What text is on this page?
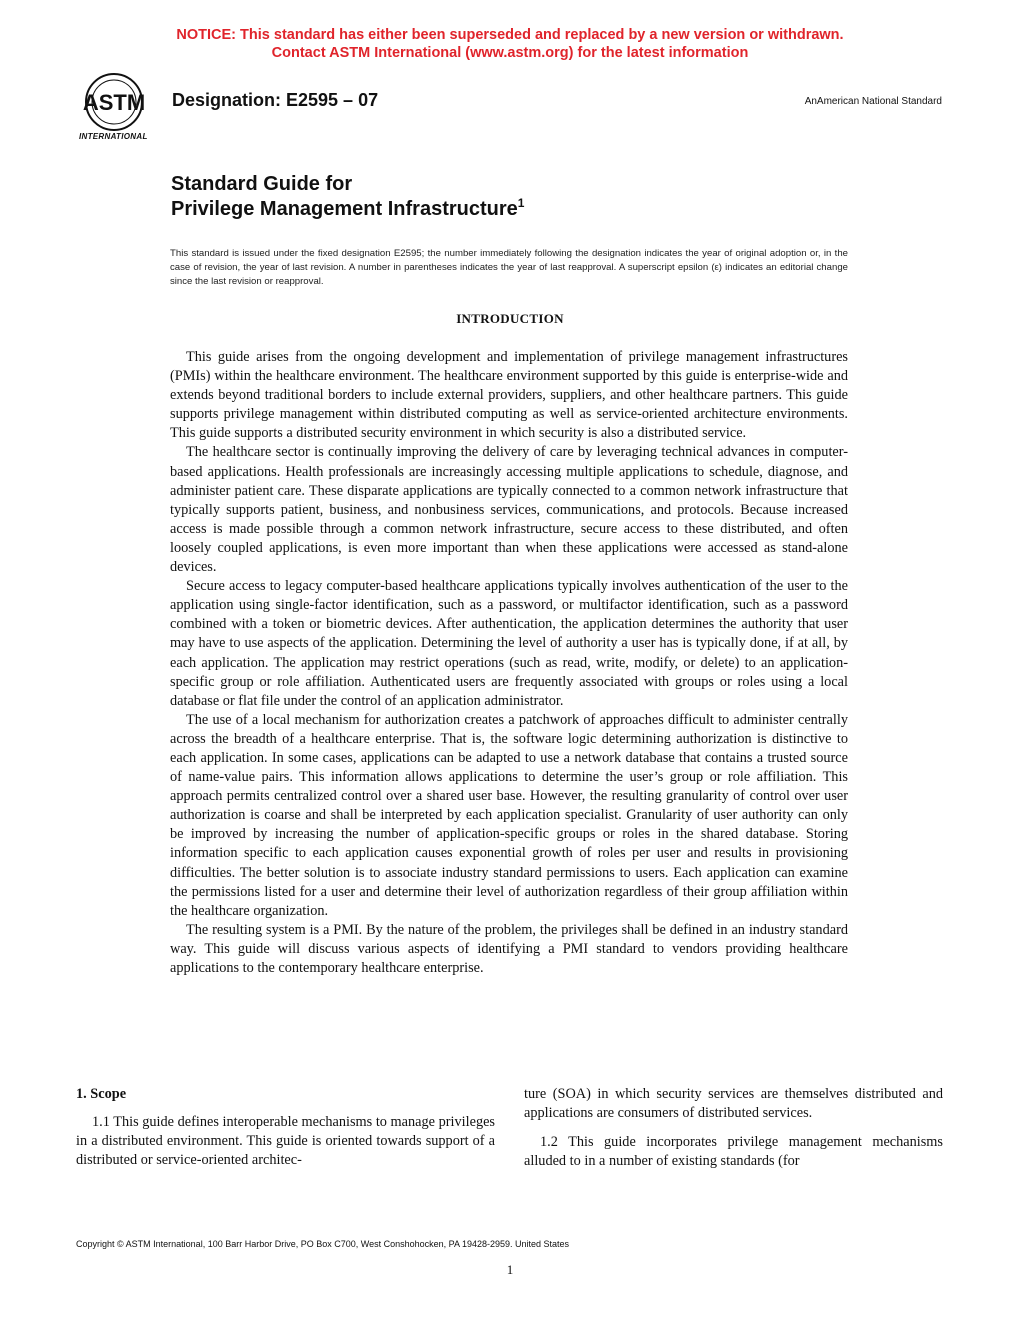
NOTICE: This standard has either been superseded and replaced by a new version or withdrawn.
Contact ASTM International (www.astm.org) for the latest information
ASTM
INTERNATIONAL
Designation: E2595 – 07	AnAmerican National Standard
Standard Guide for
Privilege Management Infrastructure$^1$
This standard is issued under the fixed designation E2595; the number immediately following the designation indicates the year of original adoption or, in the case of revision, the year of last revision. A number in parentheses indicates the year of last reapproval. A superscript epsilon (ε) indicates an editorial change since the last revision or reapproval.
INTRODUCTION

This guide arises from the ongoing development and implementation of privilege management infrastructures (PMIs) within the healthcare environment. The healthcare environment supported by this guide is enterprise-wide and extends beyond traditional borders to include external providers, suppliers, and other healthcare partners. This guide supports privilege management within distributed computing as well as service-oriented architecture environments. This guide supports a distributed security environment in which security is also a distributed service.

The healthcare sector is continually improving the delivery of care by leveraging technical advances in computer-based applications. Health professionals are increasingly accessing multiple applications to schedule, diagnose, and administer patient care. These disparate applications are typically connected to a common network infrastructure that typically supports patient, business, and nonbusiness services, communications, and protocols. Because increased access is made possible through a common network infrastructure, secure access to these distributed, and often loosely coupled applications, is even more important than when these applications were accessed as stand-alone devices.

Secure access to legacy computer-based healthcare applications typically involves authentication of the user to the application using single-factor identification, such as a password, or multifactor identification, such as a password combined with a token or biometric devices. After authentication, the application determines the authority that user may have to use aspects of the application. Determining the level of authority a user has is typically done, if at all, by each application. The application may restrict operations (such as read, write, modify, or delete) to an application-specific group or role affiliation. Authenticated users are frequently associated with groups or roles using a local database or flat file under the control of an application administrator.

The use of a local mechanism for authorization creates a patchwork of approaches difficult to administer centrally across the breadth of a healthcare enterprise. That is, the software logic determining authorization is distinctive to each application. In some cases, applications can be adapted to use a network database that contains a trusted source of name-value pairs. This information allows applications to determine the user’s group or role affiliation. This approach permits centralized control over a shared user base. However, the resulting granularity of control over user authorization is coarse and shall be interpreted by each application specialist. Granularity of user authority can only be improved by increasing the number of application-specific groups or roles in the shared database. Storing information specific to each application causes exponential growth of roles per user and results in provisioning difficulties. The better solution is to associate industry standard permissions to users. Each application can examine the permissions listed for a user and determine their level of authorization regardless of their group affiliation within the healthcare organization.

The resulting system is a PMI. By the nature of the problem, the privileges shall be defined in an industry standard way. This guide will discuss various aspects of identifying a PMI standard to vendors providing healthcare applications to the contemporary healthcare enterprise.

1. Scope

1.1 This guide defines interoperable mechanisms to manage privileges in a distributed environment. This guide is oriented towards support of a distributed or service-oriented architec-

ture (SOA) in which security services are themselves distributed and applications are consumers of distributed services.

1.2 This guide incorporates privilege management mechanisms alluded to in a number of existing standards (for

Copyright © ASTM International, 100 Barr Harbor Drive, PO Box C700, West Conshohocken, PA 19428-2959. United States
1
